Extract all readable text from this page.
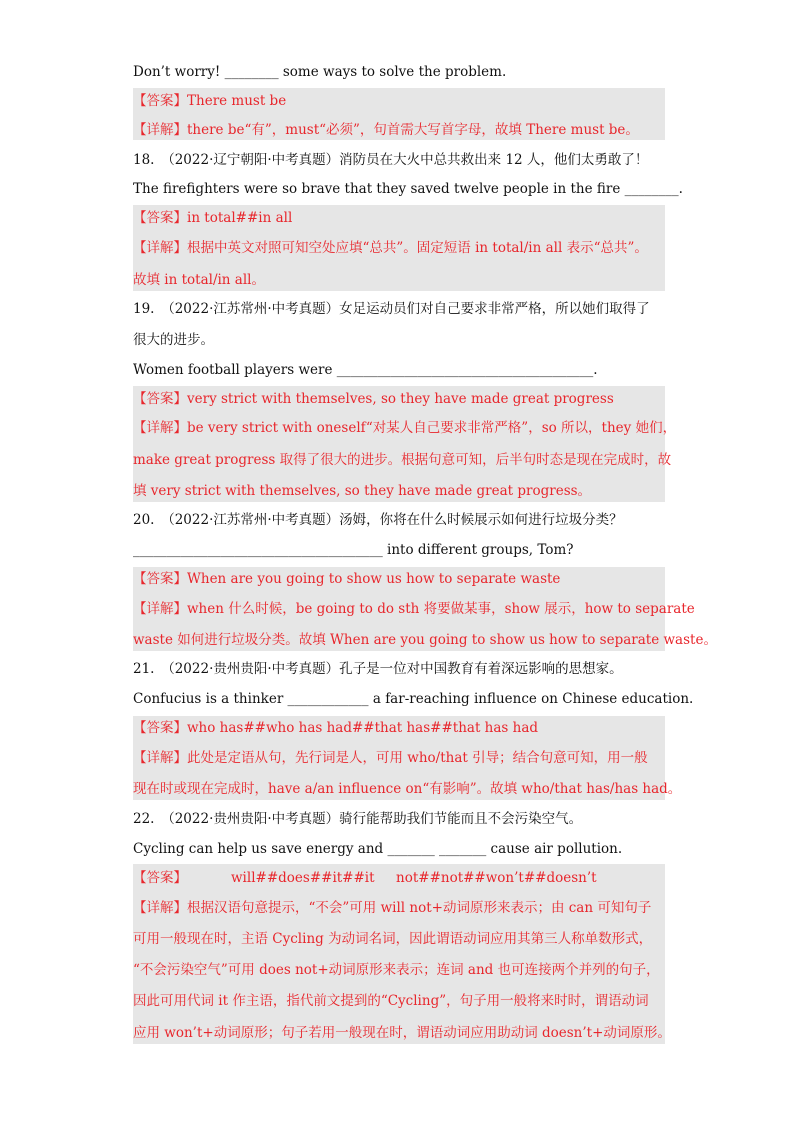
Don’t worry! ________ some ways to solve the problem.
【答案】There must be
【详解】there be“有”，must“必须”，句首需大写首字母，故填 There must be。
18.　（2022·辽宁朝阳·中考真题）消防员在大火中总共救出来 12 人，他们太勇敢了！
The firefighters were so brave that they saved twelve people in the fire ________.
【答案】in total##in all
【详解】根据中英文对照可知空处应填“总共”。固定短语 in total/in all 表示“总共”。
故填 in total/in all。
19.　（2022·江苏常州·中考真题）女足运动员们对自己要求非常严格，所以她们取得了
很大的进步。
Women football players were ______________________________________.
【答案】very strict with themselves, so they have made great progress
【详解】be very strict with oneself“对某人自己要求非常严格”，so 所以，they 她们，
make great progress 取得了很大的进步。根据句意可知，后半句时态是现在完成时，故
填 very strict with themselves, so they have made great progress。
20.　（2022·江苏常州·中考真题）汤姆，你将在什么时候展示如何进行垃圾分类？
_____________________________________ into different groups, Tom?
【答案】When are you going to show us how to separate waste
【详解】when 什么时候，be going to do sth 将要做某事，show 展示，how to separate
waste 如何进行垃圾分类。故填 When are you going to show us how to separate waste。
21.　（2022·贵州贵阳·中考真题）孔子是一位对中国教育有着深远影响的思想家。
Confucius is a thinker ____________ a far-reaching influence on Chinese education.
【答案】who has##who has had##that has##that has had
【详解】此处是定语从句，先行词是人，可用 who/that 引导；结合句意可知，用一般
现在时或现在完成时，have a/an influence on“有影响”。故填 who/that has/has had。
22.　（2022·贵州贵阳·中考真题）骑行能帮助我们节能而且不会污染空气。
Cycling can help us save energy and _______ _______ cause air pollution.
【答案】	will##does##it##it     not##not##won’t##doesn’t
【详解】根据汉语句意提示，“不会”可用 will not+动词原形来表示；由 can 可知句子
可用一般现在时，主语 Cycling 为动词名词，因此谓语动词应用其第三人称单数形式，
“不会污染空气”可用 does not+动词原形来表示；连词 and 也可连接两个并列的句子，
因此可用代词 it 作主语，指代前文提到的“Cycling”，句子用一般将来时时，谓语动词
应用 won’t+动词原形；句子若用一般现在时，谓语动词应用助动词 doesn’t+动词原形。
